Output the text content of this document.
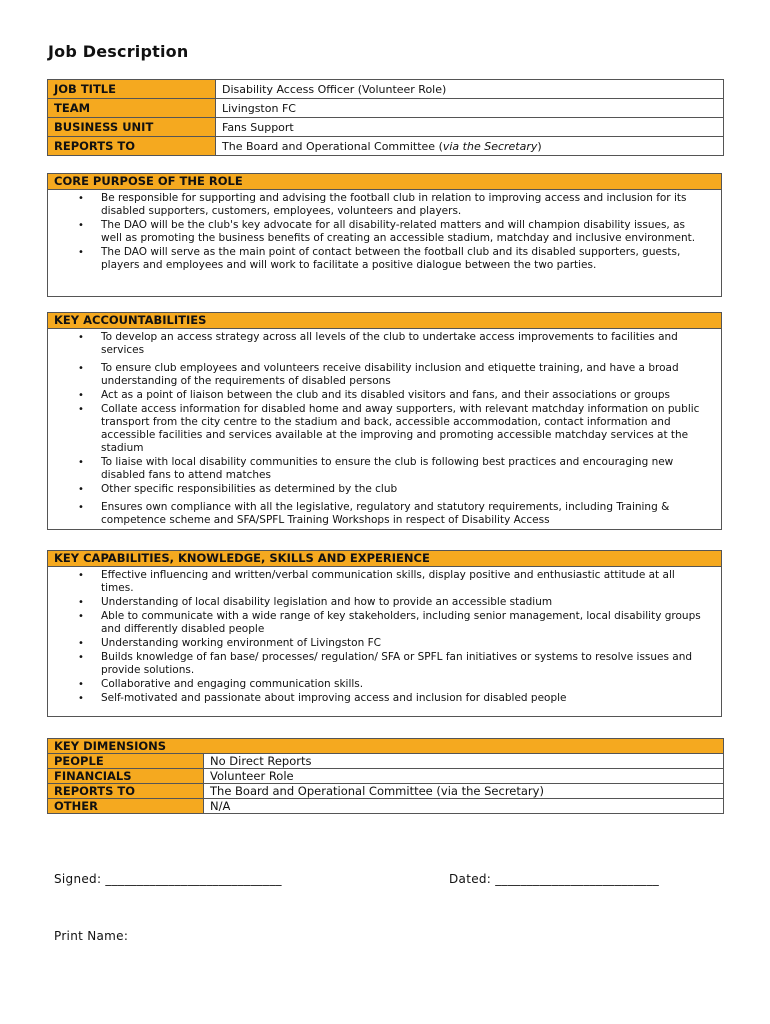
Job Description
JOB TITLE	Disability Access Officer (Volunteer Role)
TEAM	Livingston FC
BUSINESS UNIT	Fans Support
REPORTS TO	The Board and Operational Committee (via the Secretary)
CORE PURPOSE OF THE ROLE
• Be responsible for supporting and advising the football club in relation to improving access and inclusion for its disabled supporters, customers, employees, volunteers and players.
• The DAO will be the club's key advocate for all disability-related matters and will champion disability issues, as well as promoting the business benefits of creating an accessible stadium, matchday and inclusive environment.
• The DAO will serve as the main point of contact between the football club and its disabled supporters, guests, players and employees and will work to facilitate a positive dialogue between the two parties.
KEY ACCOUNTABILITIES
• To develop an access strategy across all levels of the club to undertake access improvements to facilities and services
• To ensure club employees and volunteers receive disability inclusion and etiquette training, and have a broad understanding of the requirements of disabled persons
• Act as a point of liaison between the club and its disabled visitors and fans, and their associations or groups
• Collate access information for disabled home and away supporters, with relevant matchday information on public transport from the city centre to the stadium and back, accessible accommodation, contact information and accessible facilities and services available at the improving and promoting accessible matchday services at the stadium
• To liaise with local disability communities to ensure the club is following best practices and encouraging new disabled fans to attend matches
• Other specific responsibilities as determined by the club
• Ensures own compliance with all the legislative, regulatory and statutory requirements, including Training & competence scheme and SFA/SPFL Training Workshops in respect of Disability Access
KEY CAPABILITIES, KNOWLEDGE, SKILLS AND EXPERIENCE
• Effective influencing and written/verbal communication skills, display positive and enthusiastic attitude at all times.
• Understanding of local disability legislation and how to provide an accessible stadium
• Able to communicate with a wide range of key stakeholders, including senior management, local disability groups and differently disabled people
• Understanding working environment of Livingston FC
• Builds knowledge of fan base/ processes/ regulation/ SFA or SPFL fan initiatives or systems to resolve issues and provide solutions.
• Collaborative and engaging communication skills.
• Self-motivated and passionate about improving access and inclusion for disabled people
KEY DIMENSIONS	
PEOPLE	No Direct Reports
FINANCIALS	Volunteer Role
REPORTS TO	The Board and Operational Committee (via the Secretary)
OTHER	N/A
Signed: ____________________________	Dated: __________________________
Print Name:
